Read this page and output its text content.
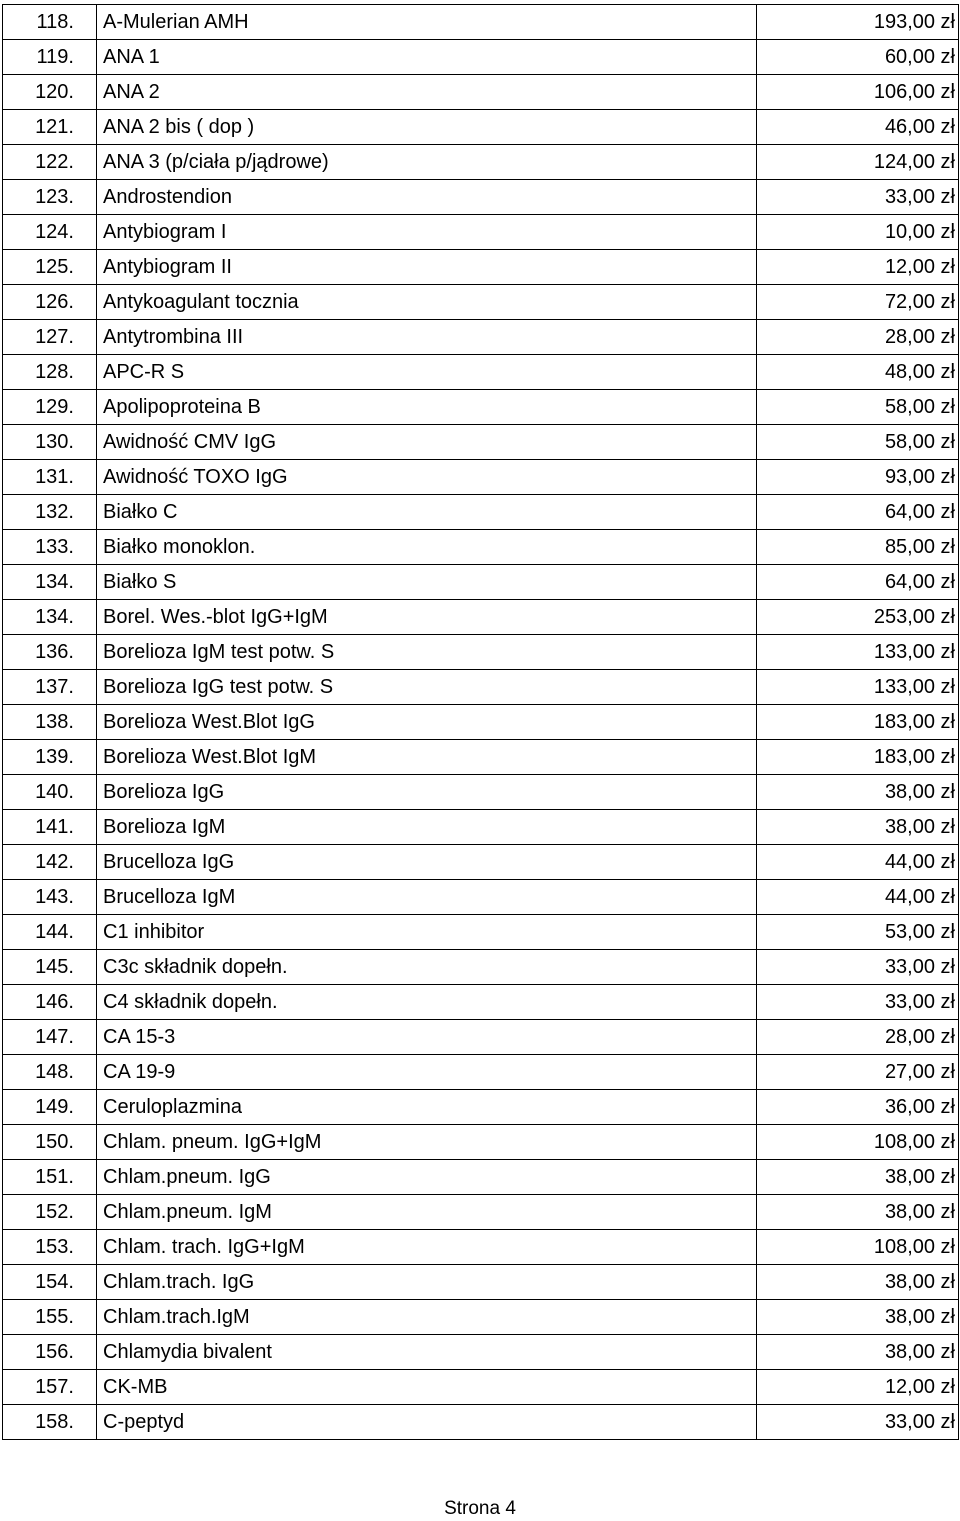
118.	A-Mulerian AMH	193,00 zł
119.	ANA 1	60,00 zł
120.	ANA 2	106,00 zł
121.	ANA 2 bis ( dop )	46,00 zł
122.	ANA 3 (p/ciała p/jądrowe)	124,00 zł
123.	Androstendion	33,00 zł
124.	Antybiogram I	10,00 zł
125.	Antybiogram II	12,00 zł
126.	Antykoagulant tocznia	72,00 zł
127.	Antytrombina III	28,00 zł
128.	APC-R S	48,00 zł
129.	Apolipoproteina B	58,00 zł
130.	Awidność CMV IgG	58,00 zł
131.	Awidność TOXO IgG	93,00 zł
132.	Białko C	64,00 zł
133.	Białko monoklon.	85,00 zł
134.	Białko S	64,00 zł
134.	Borel. Wes.-blot IgG+IgM	253,00 zł
136.	Borelioza IgM test potw. S	133,00 zł
137.	Borelioza IgG test potw. S	133,00 zł
138.	Borelioza West.Blot IgG	183,00 zł
139.	Borelioza West.Blot IgM	183,00 zł
140.	Borelioza IgG	38,00 zł
141.	Borelioza IgM	38,00 zł
142.	Brucelloza IgG	44,00 zł
143.	Brucelloza IgM	44,00 zł
144.	C1 inhibitor	53,00 zł
145.	C3c składnik dopełn.	33,00 zł
146.	C4 składnik dopełn.	33,00 zł
147.	CA 15-3	28,00 zł
148.	CA 19-9	27,00 zł
149.	Ceruloplazmina	36,00 zł
150.	Chlam. pneum. IgG+IgM	108,00 zł
151.	Chlam.pneum. IgG	38,00 zł
152.	Chlam.pneum. IgM	38,00 zł
153.	Chlam. trach. IgG+IgM	108,00 zł
154.	Chlam.trach. IgG	38,00 zł
155.	Chlam.trach.IgM	38,00 zł
156.	Chlamydia bivalent	38,00 zł
157.	CK-MB	12,00 zł
158.	C-peptyd	33,00 zł
Strona 4
